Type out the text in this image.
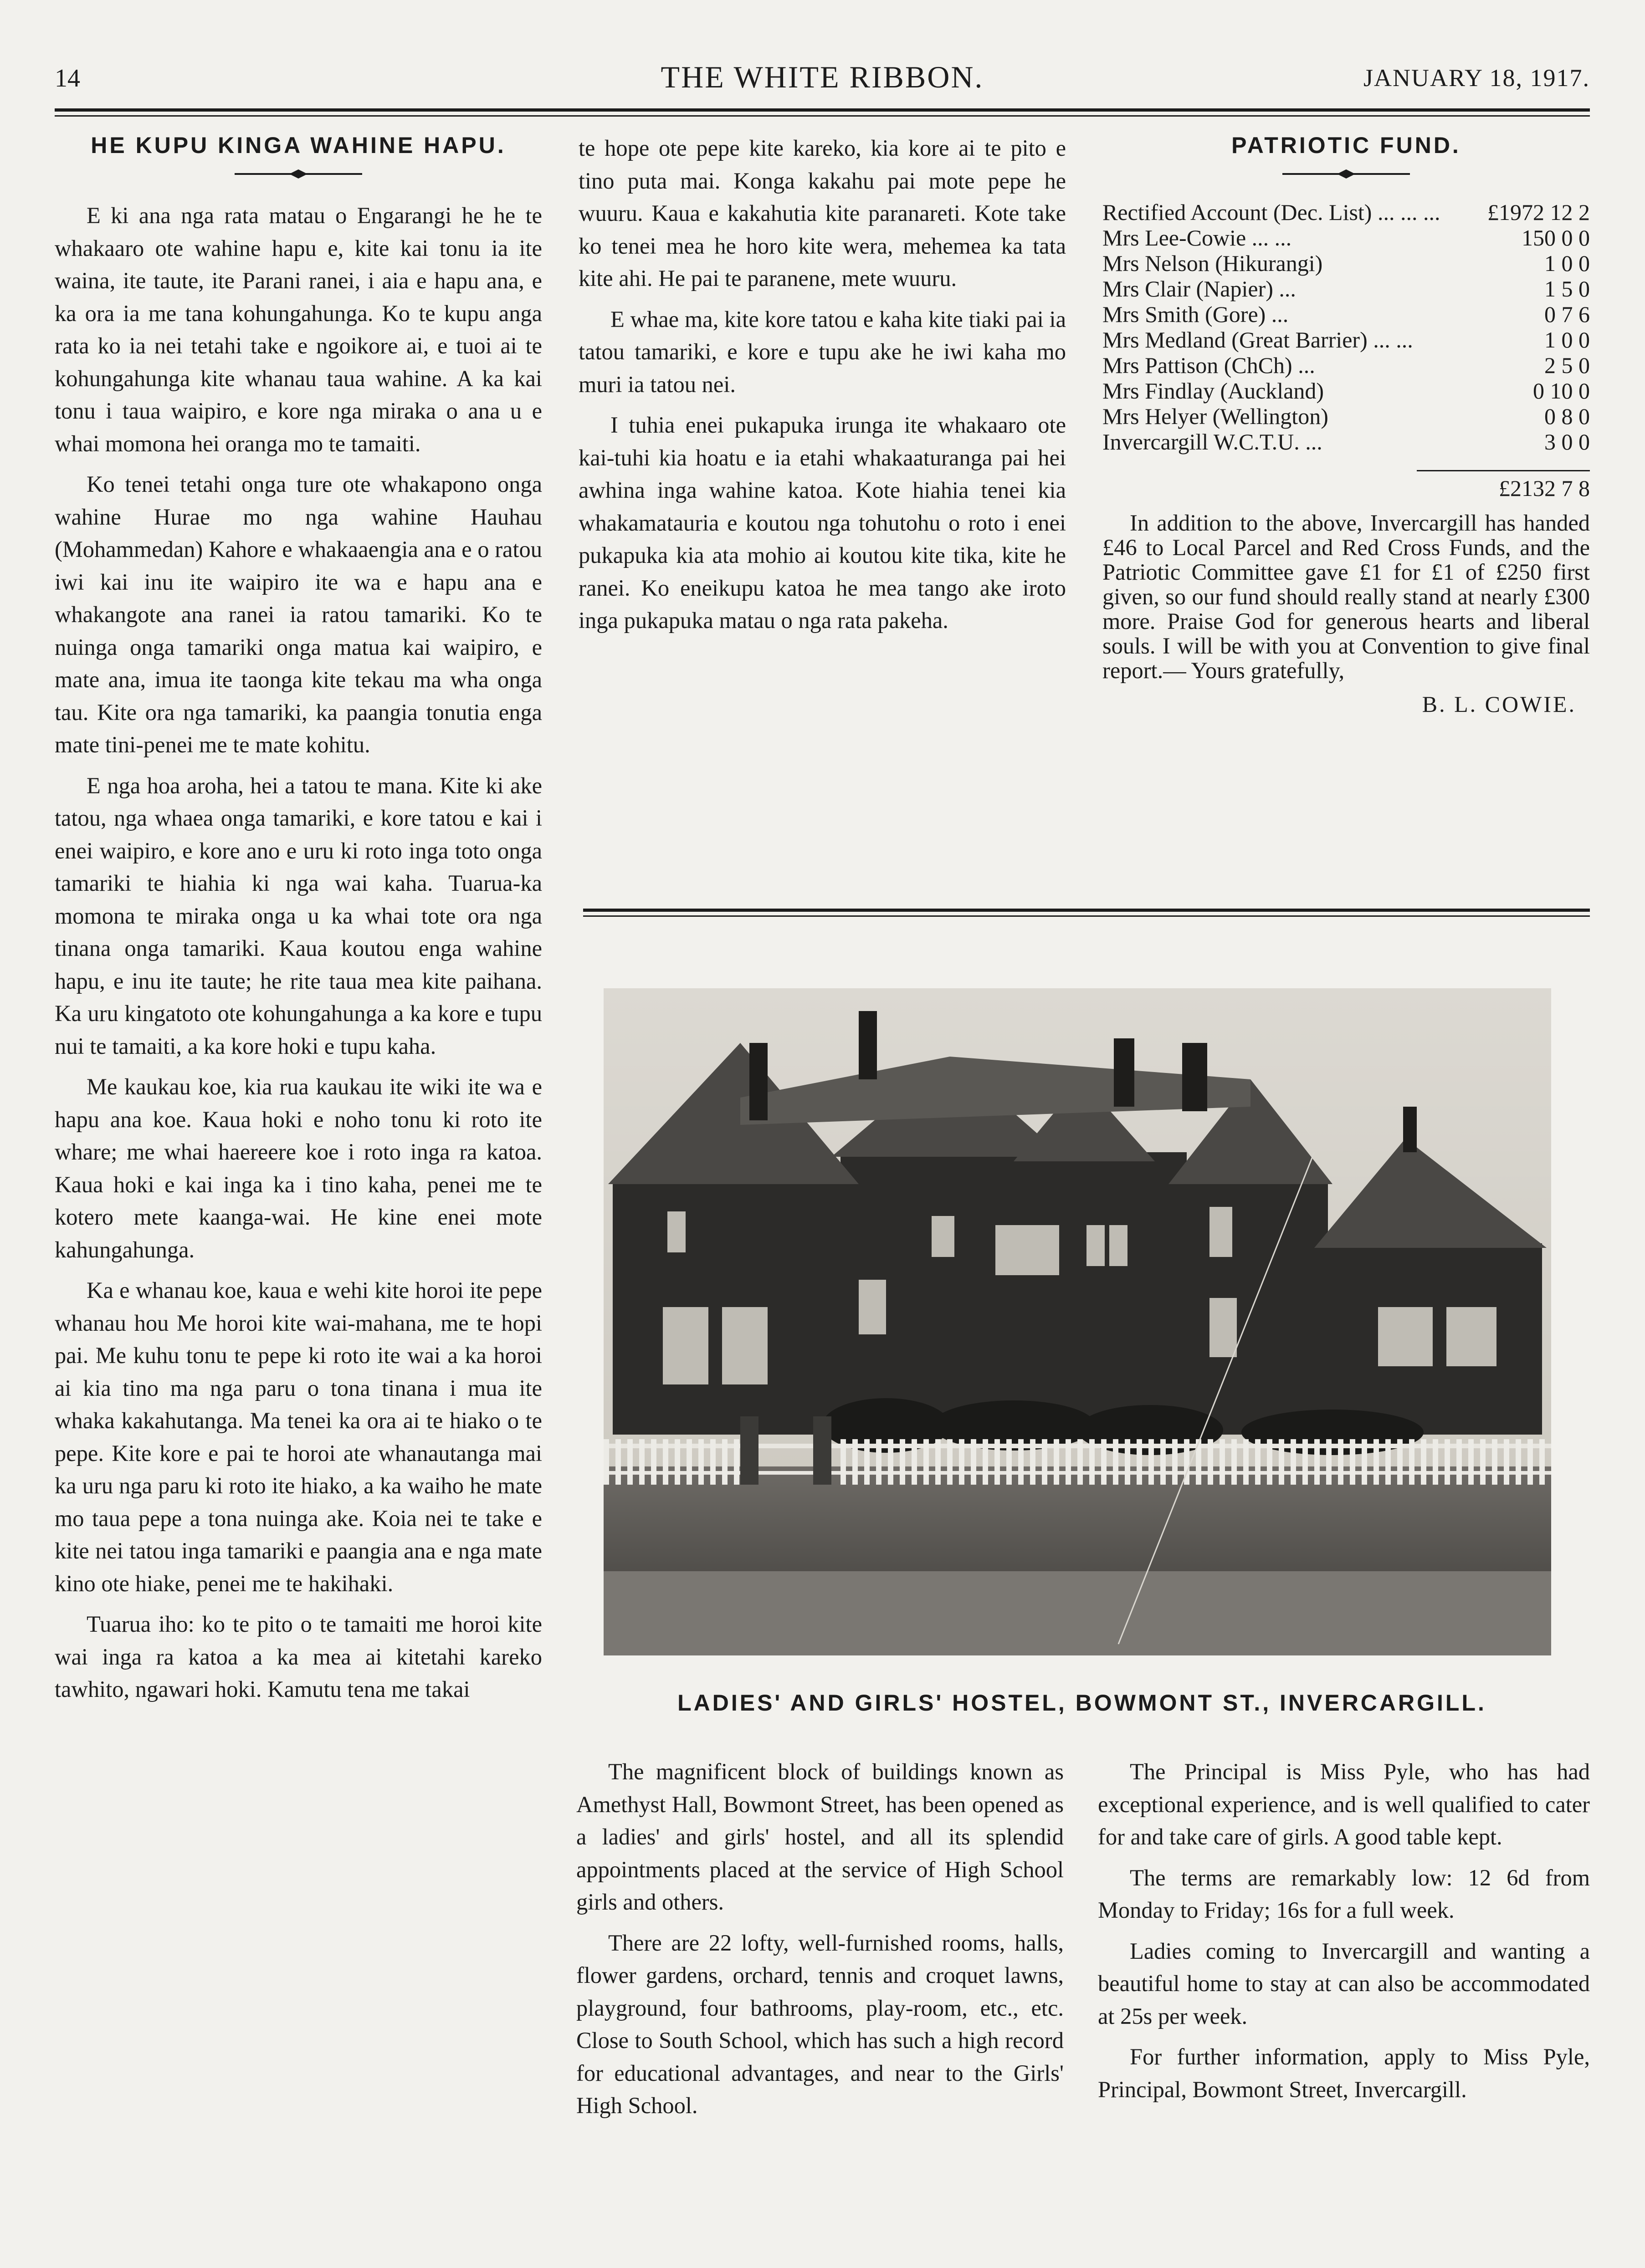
14	THE WHITE RIBBON.	JANUARY 18, 1917.
HE KUPU KINGA WAHINE HAPU.

E ki ana nga rata matau o Engarangi he he te whakaaro ote wahine hapu e, kite kai tonu ia ite waina, ite taute, ite Parani ranei, i aia e hapu ana, e ka ora ia me tana kohungahunga. Ko te kupu anga rata ko ia nei tetahi take e ngoikore ai, e tuoi ai te kohungahunga kite whanau taua wahine. A ka kai tonu i taua waipiro, e kore nga miraka o ana u e whai momona hei oranga mo te tamaiti.

Ko tenei tetahi onga ture ote whakapono onga wahine Hurae mo nga wahine Hauhau (Mohammedan) Kahore e whakaaengia ana e o ratou iwi kai inu ite waipiro ite wa e hapu ana e whakangote ana ranei ia ratou tamariki. Ko te nuinga onga tamariki onga matua kai waipiro, e mate ana, imua ite taonga kite tekau ma wha onga tau. Kite ora nga tamariki, ka paangia tonutia enga mate tini-penei me te mate kohitu.

E nga hoa aroha, hei a tatou te mana. Kite ki ake tatou, nga whaea onga tamariki, e kore tatou e kai i enei waipiro, e kore ano e uru ki roto inga toto onga tamariki te hiahia ki nga wai kaha. Tuarua-ka momona te miraka onga u ka whai tote ora nga tinana onga tamariki. Kaua koutou enga wahine hapu, e inu ite taute; he rite taua mea kite paihana. Ka uru kingatoto ote kohungahunga a ka kore e tupu nui te tamaiti, a ka kore hoki e tupu kaha.

Me kaukau koe, kia rua kaukau ite wiki ite wa e hapu ana koe. Kaua hoki e noho tonu ki roto ite whare; me whai haereere koe i roto inga ra katoa. Kaua hoki e kai inga ka i tino kaha, penei me te kotero mete kaanga-wai. He kine enei mote kahungahunga.

Ka e whanau koe, kaua e wehi kite horoi ite pepe whanau hou Me horoi kite wai-mahana, me te hopi pai. Me kuhu tonu te pepe ki roto ite wai a ka horoi ai kia tino ma nga paru o tona tinana i mua ite whaka kakahutanga. Ma tenei ka ora ai te hiako o te pepe. Kite kore e pai te horoi ate whanautanga mai ka uru nga paru ki roto ite hiako, a ka waiho he mate mo taua pepe a tona nuinga ake. Koia nei te take e kite nei tatou inga tamariki e paangia ana e nga mate kino ote hiake, penei me te hakihaki.

Tuarua iho: ko te pito o te tamaiti me horoi kite wai inga ra katoa a ka mea ai kitetahi kareko tawhito, ngawari hoki. Kamutu tena me takai

te hope ote pepe kite kareko, kia kore ai te pito e tino puta mai. Konga kakahu pai mote pepe he wuuru. Kaua e kakahutia kite paranareti. Kote take ko tenei mea he horo kite wera, mehemea ka tata kite ahi. He pai te paranene, mete wuuru.

E whae ma, kite kore tatou e kaha kite tiaki pai ia tatou tamariki, e kore e tupu ake he iwi kaha mo muri ia tatou nei.

I tuhia enei pukapuka irunga ite whakaaro ote kai-tuhi kia hoatu e ia etahi whakaaturanga pai hei awhina inga wahine katoa. Kote hiahia tenei kia whakamatauria e koutou nga tohutohu o roto i enei pukapuka kia ata mohio ai koutou kite tika, kite he ranei. Ko eneikupu katoa he mea tango ake iroto inga pukapuka matau o nga rata pakeha.

PATRIOTIC FUND.
Rectified Account (Dec. List) ... ... ...	£1972 12 2
Mrs Lee-Cowie ... ...	150 0 0
Mrs Nelson (Hikurangi)	1 0 0
Mrs Clair (Napier) ...	1 5 0
Mrs Smith (Gore) ...	0 7 6
Mrs Medland (Great Barrier) ... ...	1 0 0
Mrs Pattison (ChCh) ...	2 5 0
Mrs Findlay (Auckland)	0 10 0
Mrs Helyer (Wellington)	0 8 0
Invercargill W.C.T.U. ...	3 0 0
£2132 7 8

In addition to the above, Invercargill has handed £46 to Local Parcel and Red Cross Funds, and the Patriotic Committee gave £1 for £1 of £250 first given, so our fund should really stand at nearly £300 more. Praise God for generous hearts and liberal souls. I will be with you at Convention to give final report.— Yours gratefully,

B. L. COWIE.
LADIES' AND GIRLS' HOSTEL, BOWMONT ST., INVERCARGILL.

The magnificent block of buildings known as Amethyst Hall, Bowmont Street, has been opened as a ladies' and girls' hostel, and all its splendid appointments placed at the service of High School girls and others.

There are 22 lofty, well-furnished rooms, halls, flower gardens, orchard, tennis and croquet lawns, playground, four bathrooms, play-room, etc., etc. Close to South School, which has such a high record for educational advantages, and near to the Girls' High School.

The Principal is Miss Pyle, who has had exceptional experience, and is well qualified to cater for and take care of girls. A good table kept.

The terms are remarkably low: 12 6d from Monday to Friday; 16s for a full week.

Ladies coming to Invercargill and wanting a beautiful home to stay at can also be accommodated at 25s per week.

For further information, apply to Miss Pyle, Principal, Bowmont Street, Invercargill.
